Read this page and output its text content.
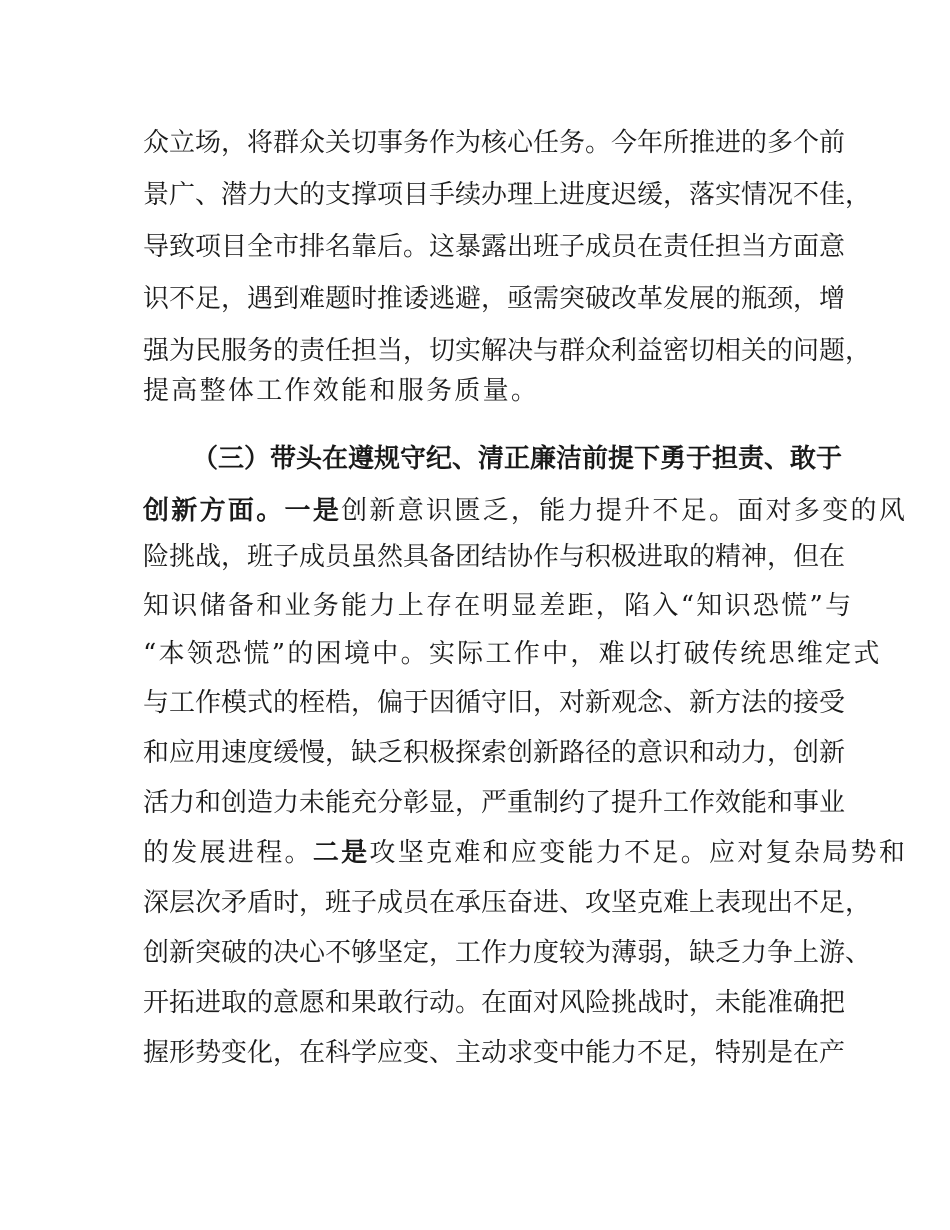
众立场，将群众关切事务作为核心任务。今年所推进的多个前
景广、潜力大的支撑项目手续办理上进度迟缓，落实情况不佳，
导致项目全市排名靠后。这暴露出班子成员在责任担当方面意
识不足，遇到难题时推诿逃避，亟需突破改革发展的瓶颈，增
强为民服务的责任担当，切实解决与群众利益密切相关的问题，
提高整体工作效能和服务质量。
（三）带头在遵规守纪、清正廉洁前提下勇于担责、敢于
创新方面。一是创新意识匮乏，能力提升不足。面对多变的风
险挑战，班子成员虽然具备团结协作与积极进取的精神，但在
知识储备和业务能力上存在明显差距，陷入“知识恐慌”与
“本领恐慌”的困境中。实际工作中，难以打破传统思维定式
与工作模式的桎梏，偏于因循守旧，对新观念、新方法的接受
和应用速度缓慢，缺乏积极探索创新路径的意识和动力，创新
活力和创造力未能充分彰显，严重制约了提升工作效能和事业
的发展进程。二是攻坚克难和应变能力不足。应对复杂局势和
深层次矛盾时，班子成员在承压奋进、攻坚克难上表现出不足，
创新突破的决心不够坚定，工作力度较为薄弱，缺乏力争上游、
开拓进取的意愿和果敢行动。在面对风险挑战时，未能准确把
握形势变化，在科学应变、主动求变中能力不足，特别是在产
